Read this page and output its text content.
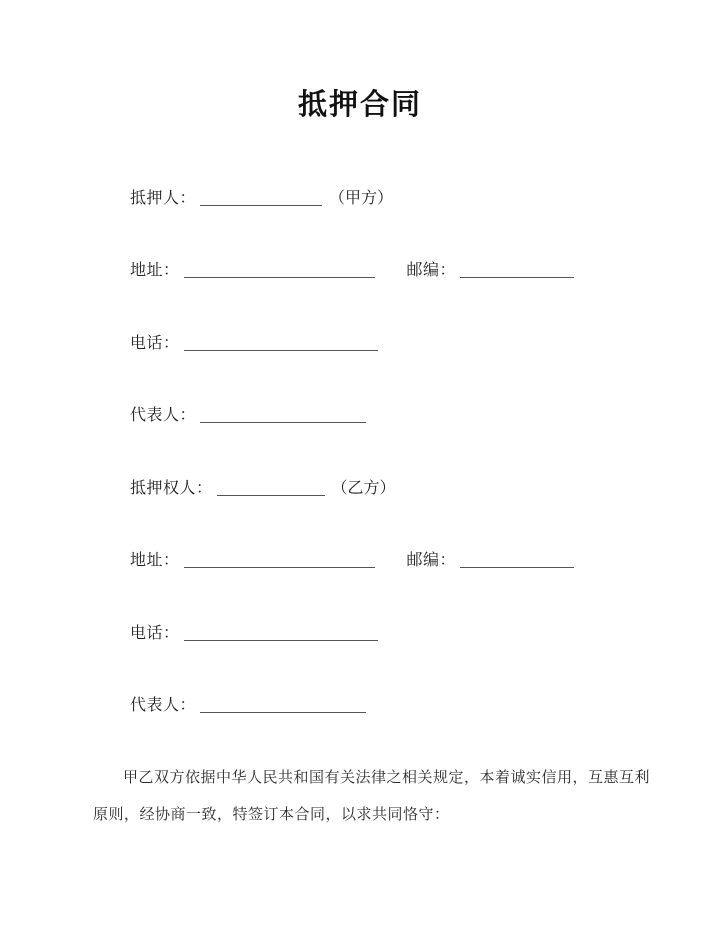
抵押合同
抵押人：	（甲方）
地址：	邮编：
电话：
代表人：
抵押权人：	（乙方）
地址：	邮编：
电话：
代表人：
甲乙双方依据中华人民共和国有关法律之相关规定，本着诚实信用，互惠互利
原则，经协商一致，特签订本合同，以求共同恪守：
